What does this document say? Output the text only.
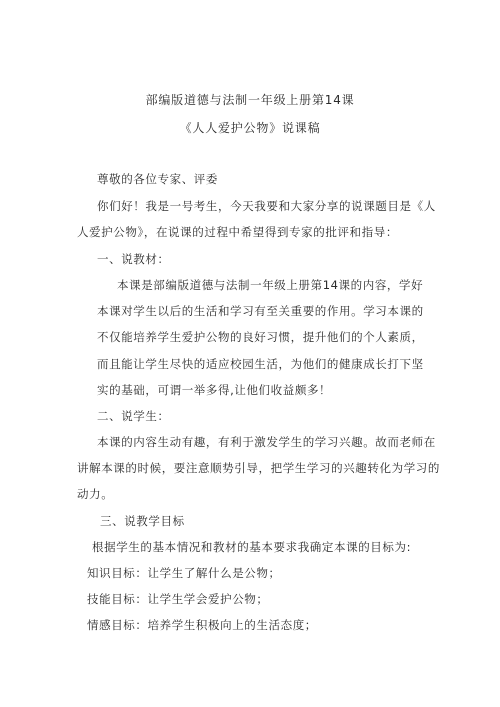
部编版道德与法制一年级上册第14课
《人人爱护公物》说课稿
尊敬的各位专家、评委
你们好！我是一号考生，今天我要和大家分享的说课题目是《人
人爱护公物》，在说课的过程中希望得到专家的批评和指导：
一、说教材：
本课是部编版道德与法制一年级上册第14课的内容，学好
本课对学生以后的生活和学习有至关重要的作用。学习本课的
不仅能培养学生爱护公物的良好习惯，提升他们的个人素质，
而且能让学生尽快的适应校园生活，为他们的健康成长打下坚
实的基础，可谓一举多得,让他们收益颇多！
二、说学生：
本课的内容生动有趣，有利于激发学生的学习兴趣。故而老师在
讲解本课的时候，要注意顺势引导，把学生学习的兴趣转化为学习的
动力。
三、说教学目标
根据学生的基本情况和教材的基本要求我确定本课的目标为:
知识目标：让学生了解什么是公物；
技能目标：让学生学会爱护公物；
情感目标：培养学生积极向上的生活态度；
